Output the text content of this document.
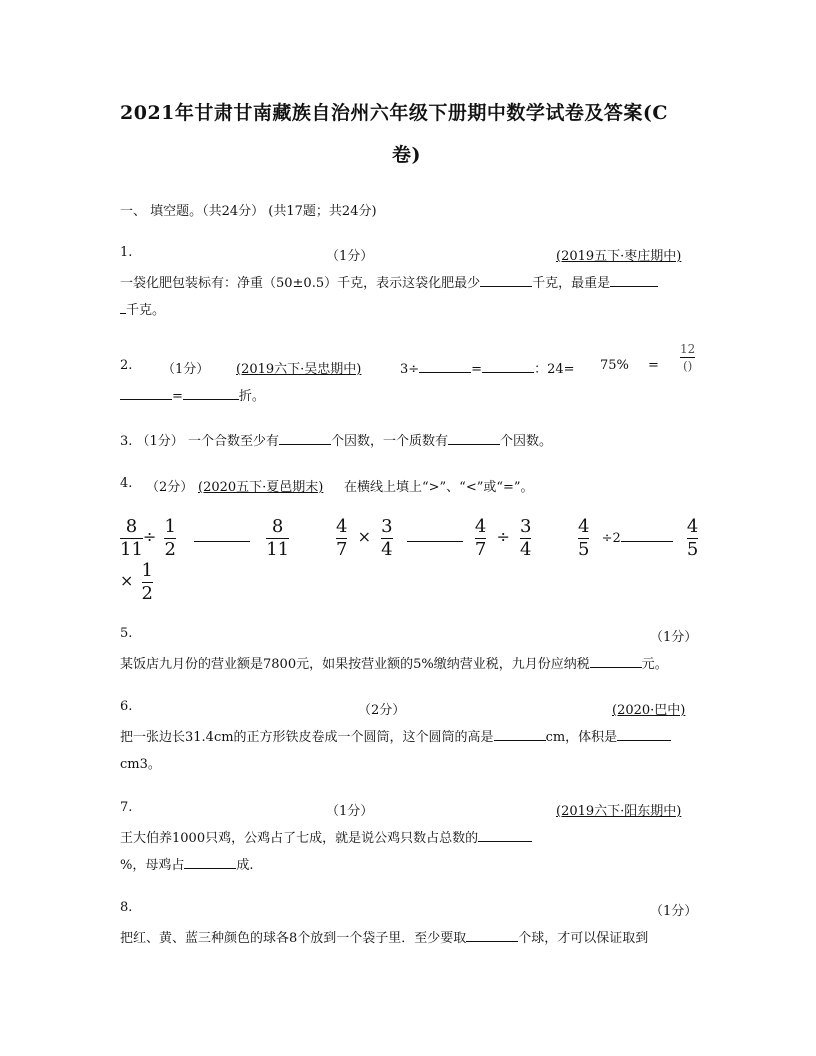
2021年甘肃甘南藏族自治州六年级下册期中数学试卷及答案(C
卷)
一、 填空题。（共24分） (共17题；共24分)
1.	（1分）	(2019五下·枣庄期中)
一袋化肥包装标有：净重（50±0.5）千克，表示这袋化肥最少	千克，最重是
千克。
2. （1分） (2019六下·吴忠期中)	3÷	=	：$24= 75\% = \frac{12}{()}$
=	折。
3. （1分） 一个合数至少有	个因数，一个质数有	个因数。
4. （2分） (2020五下·夏邑期末) 在横线上填上“>”、“<”或“=”。
$\frac{8}{11} \div \frac{1}{2}$
	$\frac{8}{11}$	$\frac{4}{7} \times \frac{3}{4}$
	$\frac{4}{7} \div \frac{3}{4}$	$\frac{4}{5} \div 2$	$\frac{4}{5}$
× $\frac{1}{2}$
5.	（1分）
某饭店九月份的营业额是7800元，如果按营业额的5%缴纳营业税，九月份应纳税	元。
6.	（2分）	(2020·巴中)
把一张边长31.4cm的正方形铁皮卷成一个圆筒，这个圆筒的高是	cm，体积是
cm3。
7.	（1分）	(2019六下·阳东期中)
王大伯养1000只鸡，公鸡占了七成，就是说公鸡只数占总数的
%，母鸡占	成.
8.	（1分）
把红、黄、蓝三种颜色的球各8个放到一个袋子里．至少要取	个球，才可以保证取到
